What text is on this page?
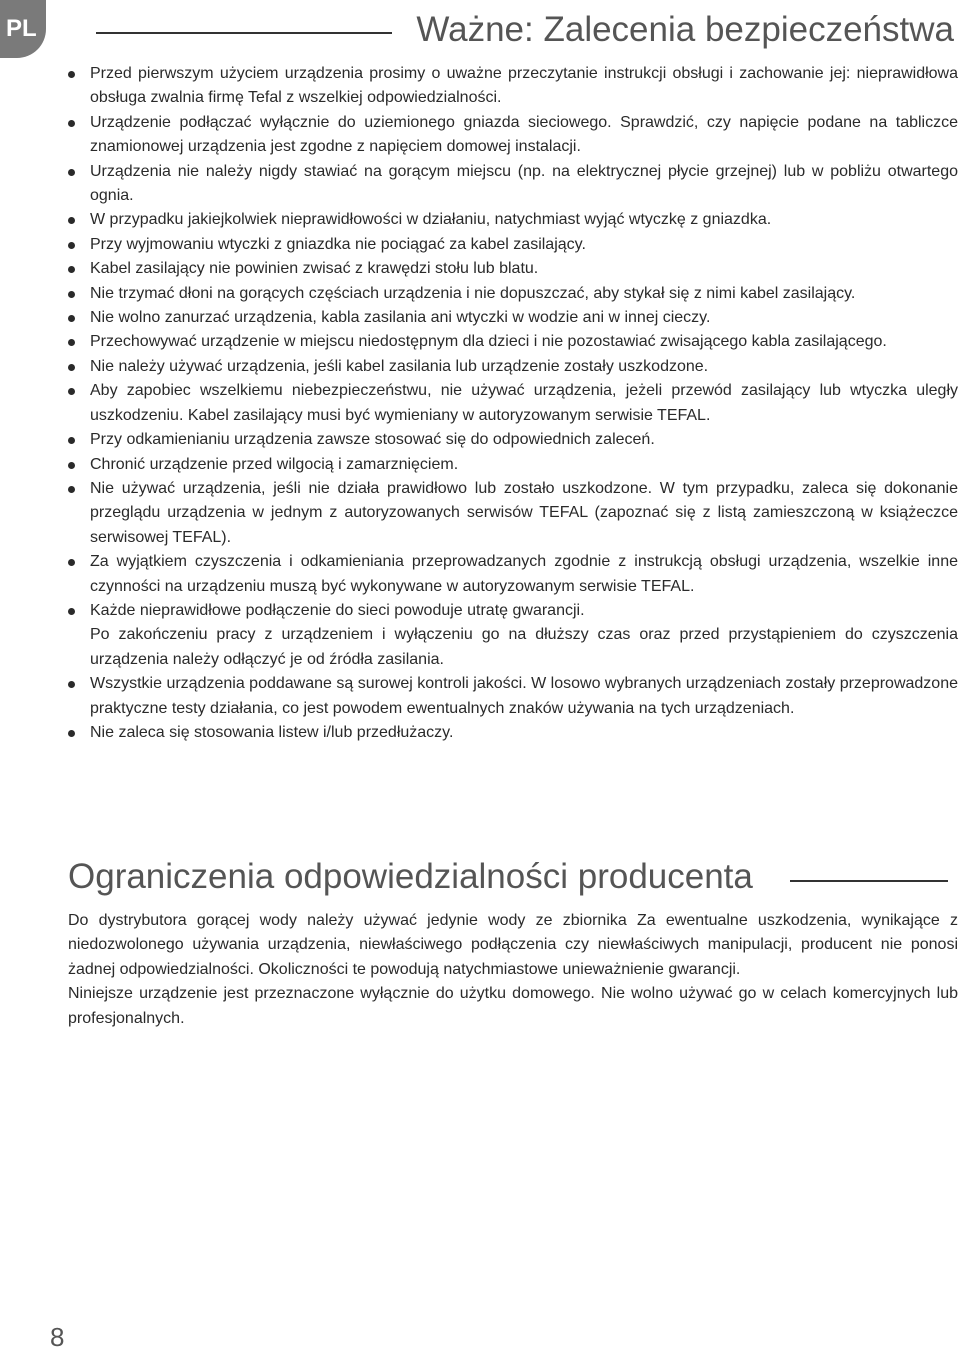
PL	Ważne: Zalecenia bezpieczeństwa
Przed pierwszym użyciem urządzenia prosimy o uważne przeczytanie instrukcji obsługi i zachowanie jej: nieprawidłowa obsługa zwalnia firmę Tefal z wszelkiej odpowiedzialności.
Urządzenie podłączać wyłącznie do uziemionego gniazda sieciowego. Sprawdzić, czy napięcie podane na tabliczce znamionowej urządzenia jest zgodne z napięciem domowej instalacji.
Urządzenia nie należy nigdy stawiać na gorącym miejscu (np. na elektrycznej płycie grzejnej) lub w pobliżu otwartego ognia.
W przypadku jakiejkolwiek nieprawidłowości w działaniu, natychmiast wyjąć wtyczkę z gniazdka.
Przy wyjmowaniu wtyczki z gniazdka nie pociągać za kabel zasilający.
Kabel zasilający nie powinien zwisać z krawędzi stołu lub blatu.
Nie trzymać dłoni na gorących częściach urządzenia i nie dopuszczać, aby stykał się z nimi kabel zasilający.
Nie wolno zanurzać urządzenia, kabla zasilania ani wtyczki w wodzie ani w innej cieczy.
Przechowywać urządzenie w miejscu niedostępnym dla dzieci i nie pozostawiać zwisającego kabla zasilającego.
Nie należy używać urządzenia, jeśli kabel zasilania lub urządzenie zostały uszkodzone.
Aby zapobiec wszelkiemu niebezpieczeństwu, nie używać urządzenia, jeżeli przewód zasilający lub wtyczka uległy uszkodzeniu. Kabel zasilający musi być wymieniany w autoryzowanym serwisie TEFAL.
Przy odkamienianiu urządzenia zawsze stosować się do odpowiednich zaleceń.
Chronić urządzenie przed wilgocią i zamarznięciem.
Nie używać urządzenia, jeśli nie działa prawidłowo lub zostało uszkodzone. W tym przypadku, zaleca się dokonanie przeglądu urządzenia w jednym z autoryzowanych serwisów TEFAL (zapoznać się z listą zamieszczoną w książeczce serwisowej TEFAL).
Za wyjątkiem czyszczenia i odkamieniania przeprowadzanych zgodnie z instrukcją obsługi urządzenia, wszelkie inne czynności na urządzeniu muszą być wykonywane w autoryzowanym serwisie TEFAL.
Każde nieprawidłowe podłączenie do sieci powoduje utratę gwarancji.
Po zakończeniu pracy z urządzeniem i wyłączeniu go na dłuższy czas oraz przed przystąpieniem do czyszczenia urządzenia należy odłączyć je od źródła zasilania.
Wszystkie urządzenia poddawane są surowej kontroli jakości. W losowo wybranych urządzeniach zostały przeprowadzone praktyczne testy działania, co jest powodem ewentualnych znaków używania na tych urządzeniach.
Nie zaleca się stosowania listew i/lub przedłużaczy.
Ograniczenia odpowiedzialności producenta

Do dystrybutora gorącej wody należy używać jedynie wody ze zbiornika Za ewentualne uszkodzenia, wynikające z niedozwolonego używania urządzenia, niewłaściwego podłączenia czy niewłaściwych manipulacji, producent nie ponosi żadnej odpowiedzialności. Okoliczności te powodują natychmiastowe unieważnienie gwarancji.

Niniejsze urządzenie jest przeznaczone wyłącznie do użytku domowego. Nie wolno używać go w celach komercyjnych lub profesjonalnych.

8
